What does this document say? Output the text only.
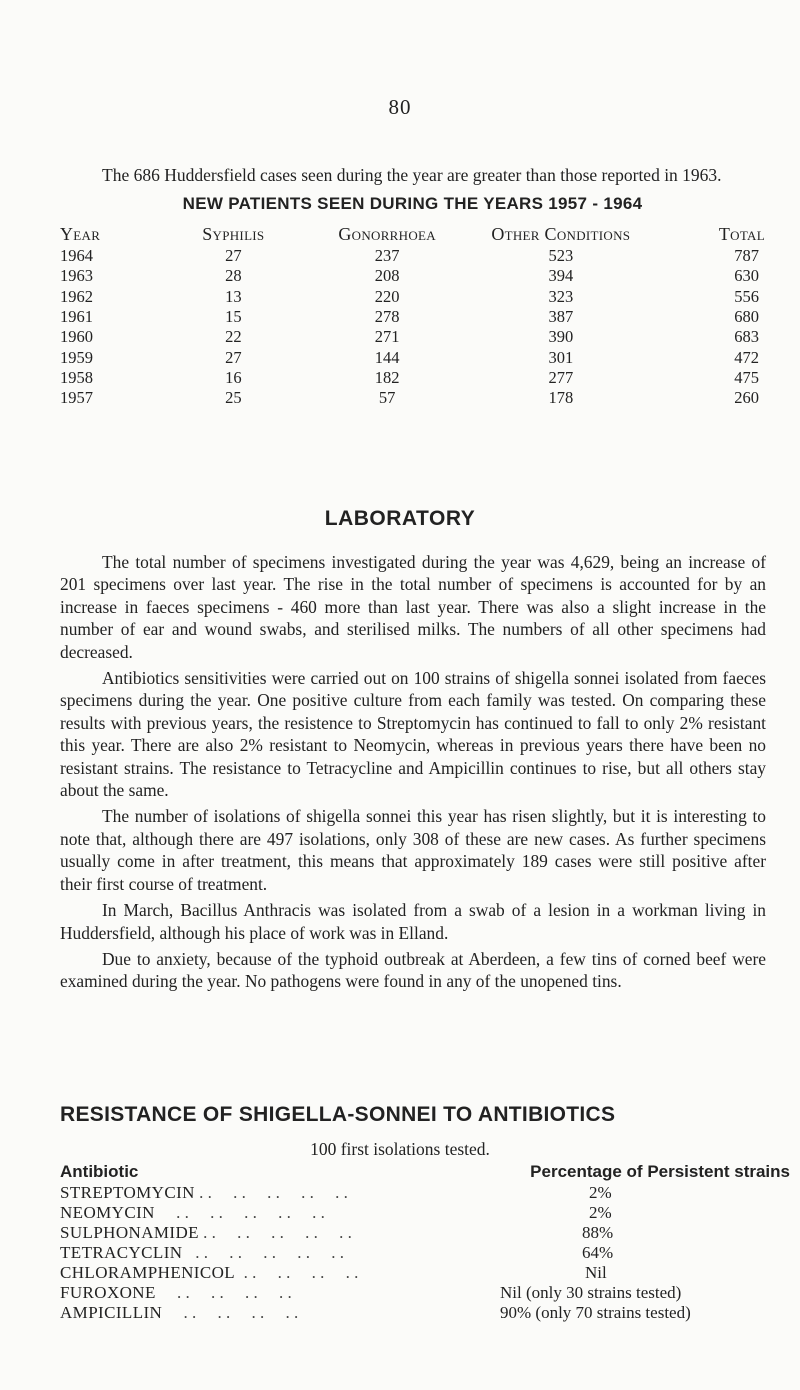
80

The 686 Huddersfield cases seen during the year are greater than those reported in 1963.

NEW PATIENTS SEEN DURING THE YEARS 1957 - 1964
Year	Syphilis	Gonorrhoea	Other Conditions	Total
1964	27	237	523	787
1963	28	208	394	630
1962	13	220	323	556
1961	15	278	387	680
1960	22	271	390	683
1959	27	144	301	472
1958	16	182	277	475
1957	25	57	178	260
LABORATORY

The total number of specimens investigated during the year was 4,629, being an increase of 201 specimens over last year. The rise in the total number of specimens is accounted for by an increase in faeces specimens - 460 more than last year. There was also a slight increase in the number of ear and wound swabs, and sterilised milks. The numbers of all other specimens had decreased.

Antibiotics sensitivities were carried out on 100 strains of shigella sonnei isolated from faeces specimens during the year. One positive culture from each family was tested. On comparing these results with previous years, the resistence to Streptomycin has continued to fall to only 2% resistant this year. There are also 2% resistant to Neomycin, whereas in previous years there have been no resistant strains. The resistance to Tetracycline and Ampicillin continues to rise, but all others stay about the same.

The number of isolations of shigella sonnei this year has risen slightly, but it is interesting to note that, although there are 497 isolations, only 308 of these are new cases. As further specimens usually come in after treatment, this means that approximately 189 cases were still positive after their first course of treatment.

In March, Bacillus Anthracis was isolated from a swab of a lesion in a workman living in Huddersfield, although his place of work was in Elland.

Due to anxiety, because of the typhoid outbreak at Aberdeen, a few tins of corned beef were examined during the year. No pathogens were found in any of the unopened tins.

RESISTANCE OF SHIGELLA-SONNEI TO ANTIBIOTICS
100 first isolations tested.
Antibiotic	Percentage of Persistent strains
STREPTOMYCIN . .     . .     . .     . .     . .	2%
NEOMYCIN     . .     . .     . .     . .     . .	2%
SULPHONAMIDE . .     . .     . .     . .     . .	88%
TETRACYCLIN   . .     . .     . .     . .     . .	64%
CHLORAMPHENICOL  . .     . .     . .     . .	Nil
FUROXONE     . .     . .     . .     . .	Nil (only 30 strains tested)
AMPICILLIN     . .     . .     . .     . .	90% (only 70 strains tested)
